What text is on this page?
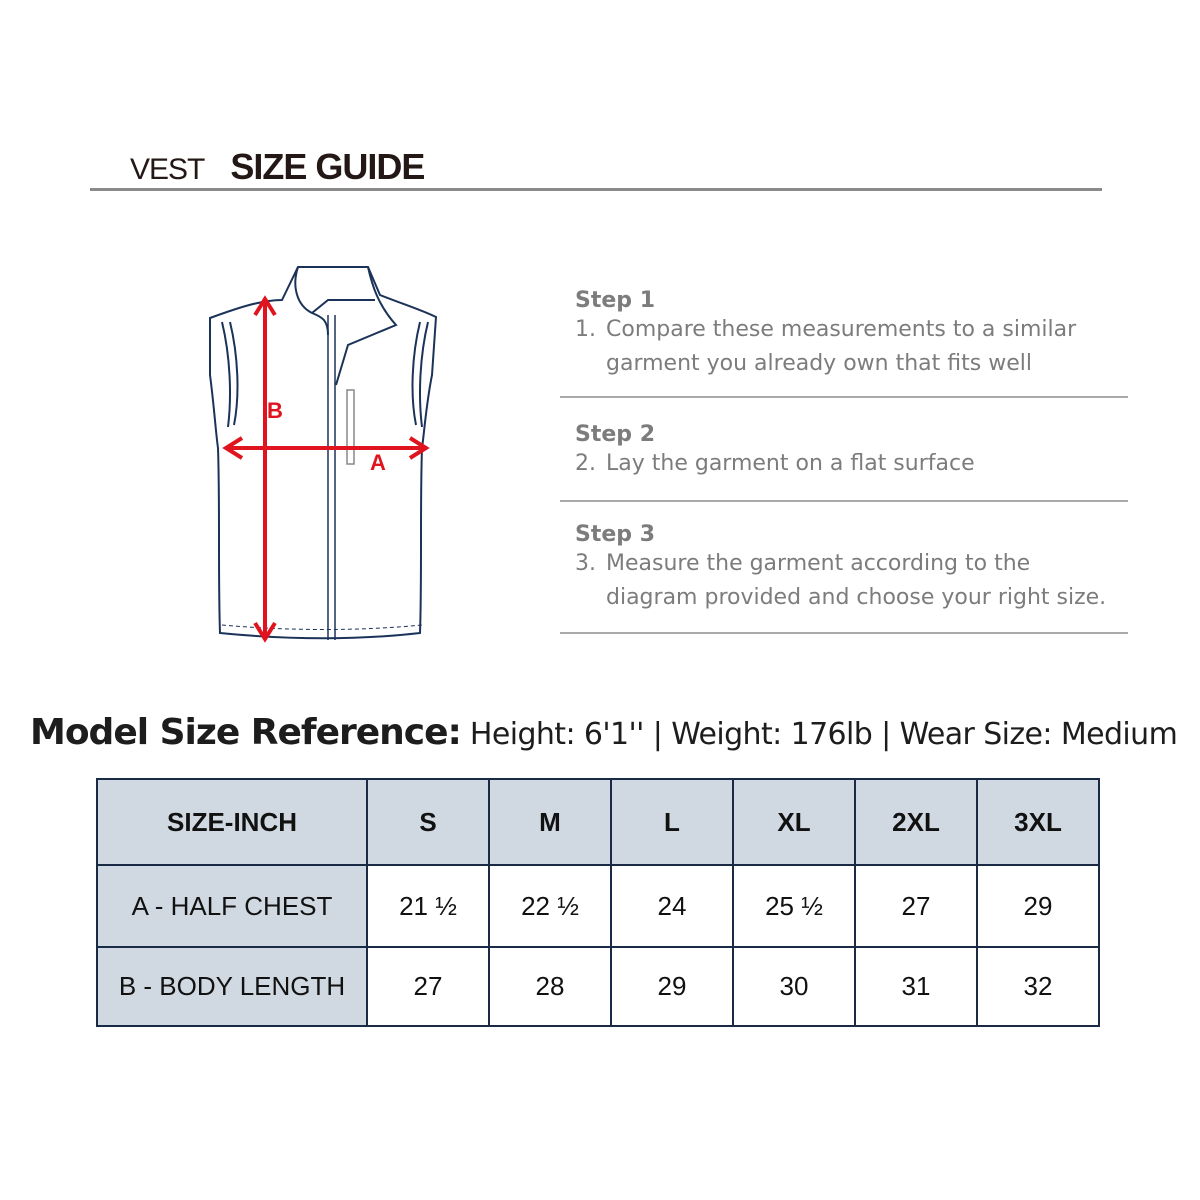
VEST SIZE GUIDE
B
A
Step 1
1. Compare these measurements to a similar
garment you already own that fits well
Step 2
2. Lay the garment on a flat surface
Step 3
3. Measure the garment according to the
diagram provided and choose your right size.
Model Size Reference: Height: 6'1'' | Weight: 176lb | Wear Size: Medium
SIZE-INCH	S	M	L	XL	2XL	3XL
A - HALF CHEST	21 ½	22 ½	24	25 ½	27	29
B - BODY LENGTH	27	28	29	30	31	32
